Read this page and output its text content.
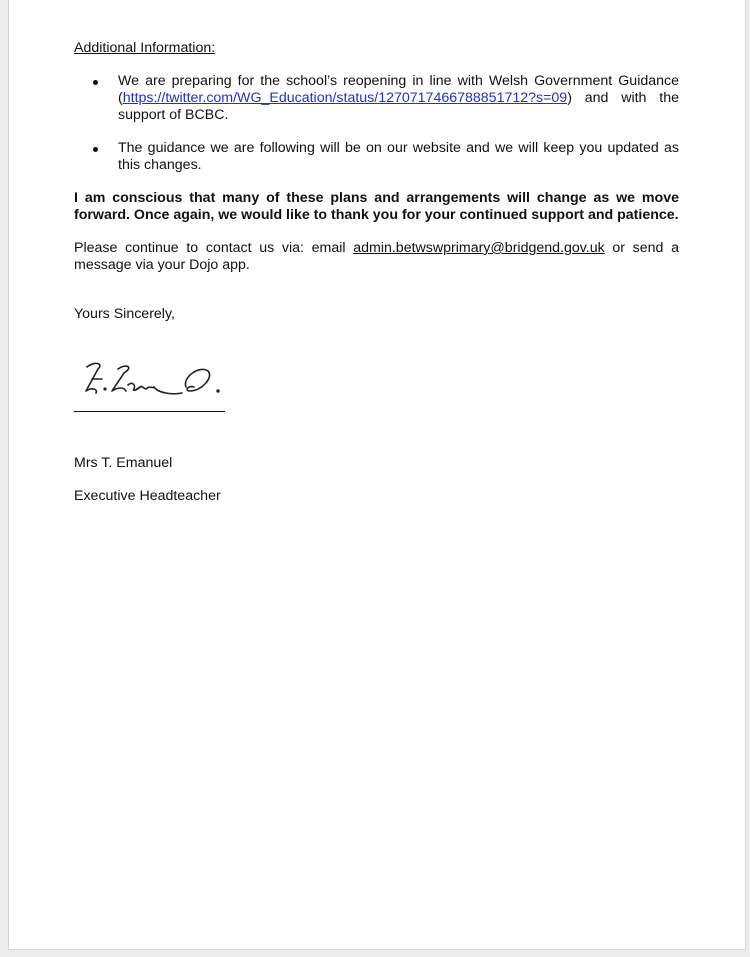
Additional Information:

We are preparing for the school’s reopening in line with Welsh Government Guidance (https://twitter.com/WG_Education/status/1270717466788851712?s=09) and with the support of BCBC.
The guidance we are following will be on our website and we will keep you updated as this changes.

I am conscious that many of these plans and arrangements will change as we move forward. Once again, we would like to thank you for your continued support and patience.

Please continue to contact us via: email admin.betwswprimary@bridgend.gov.uk or send a message via your Dojo app.

Yours Sincerely,

Mrs T. Emanuel

Executive Headteacher
